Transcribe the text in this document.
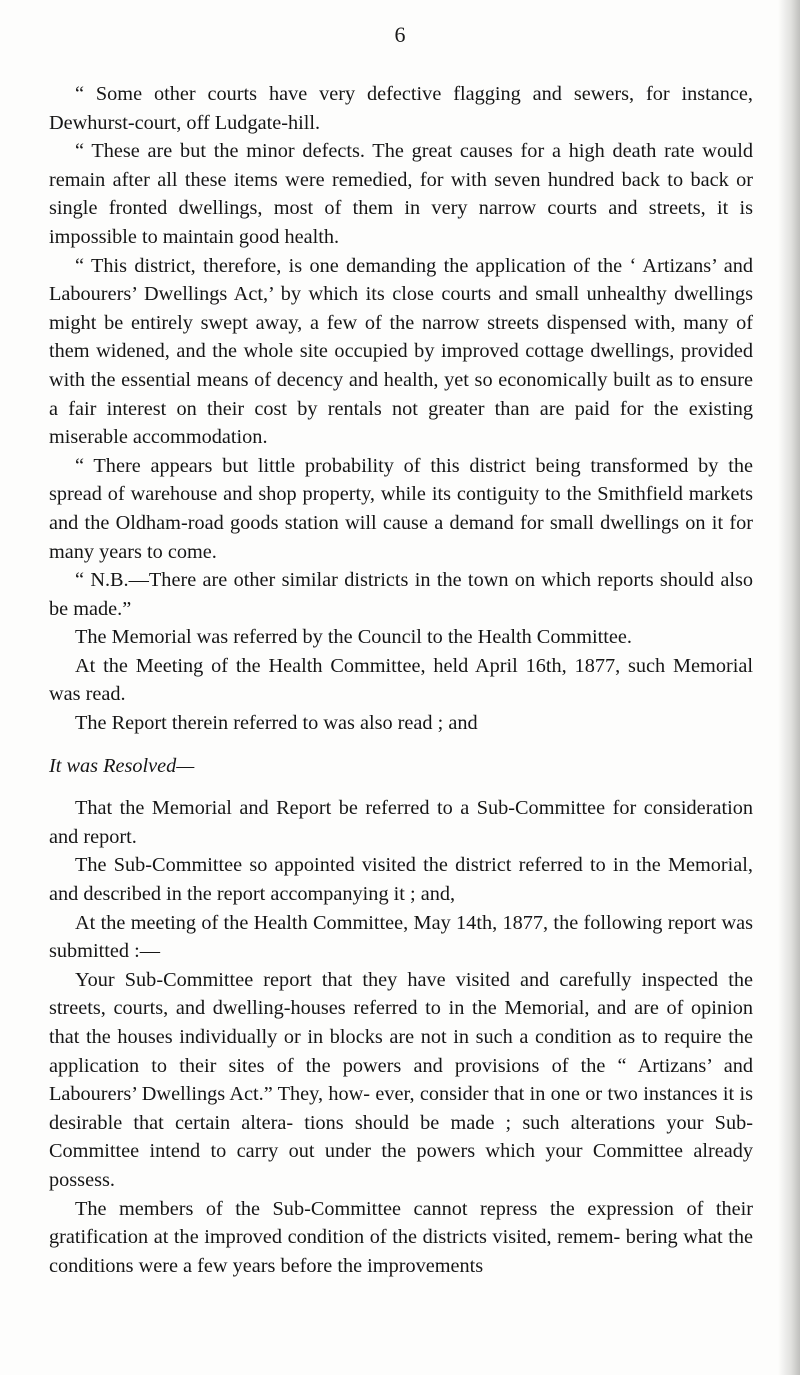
6

“ Some other courts have very defective flagging and sewers, for instance, Dewhurst-court, off Ludgate-hill.

“ These are but the minor defects. The great causes for a high death rate would remain after all these items were remedied, for with seven hundred back to back or single fronted dwellings, most of them in very narrow courts and streets, it is impossible to maintain good health.

“ This district, therefore, is one demanding the application of the ‘ Artizans’ and Labourers’ Dwellings Act,’ by which its close courts and small unhealthy dwellings might be entirely swept away, a few of the narrow streets dispensed with, many of them widened, and the whole site occupied by improved cottage dwellings, provided with the essential means of decency and health, yet so economically built as to ensure a fair interest on their cost by rentals not greater than are paid for the existing miserable accommodation.

“ There appears but little probability of this district being transformed by the spread of warehouse and shop property, while its contiguity to the Smithfield markets and the Oldham-road goods station will cause a demand for small dwellings on it for many years to come.

“ N.B.—There are other similar districts in the town on which reports should also be made.”

The Memorial was referred by the Council to the Health Committee.

At the Meeting of the Health Committee, held April 16th, 1877, such Memorial was read.

The Report therein referred to was also read ; and

It was Resolved—

That the Memorial and Report be referred to a Sub-Committee for consideration and report.

The Sub-Committee so appointed visited the district referred to in the Memorial, and described in the report accompanying it ; and,

At the meeting of the Health Committee, May 14th, 1877, the following report was submitted :—

Your Sub-Committee report that they have visited and carefully inspected the streets, courts, and dwelling-houses referred to in the Memorial, and are of opinion that the houses individually or in blocks are not in such a condition as to require the application to their sites of the powers and provisions of the “ Artizans’ and Labourers’ Dwellings Act.” They, how- ever, consider that in one or two instances it is desirable that certain altera- tions should be made ; such alterations your Sub-Committee intend to carry out under the powers which your Committee already possess.

The members of the Sub-Committee cannot repress the expression of their gratification at the improved condition of the districts visited, remem- bering what the conditions were a few years before the improvements
